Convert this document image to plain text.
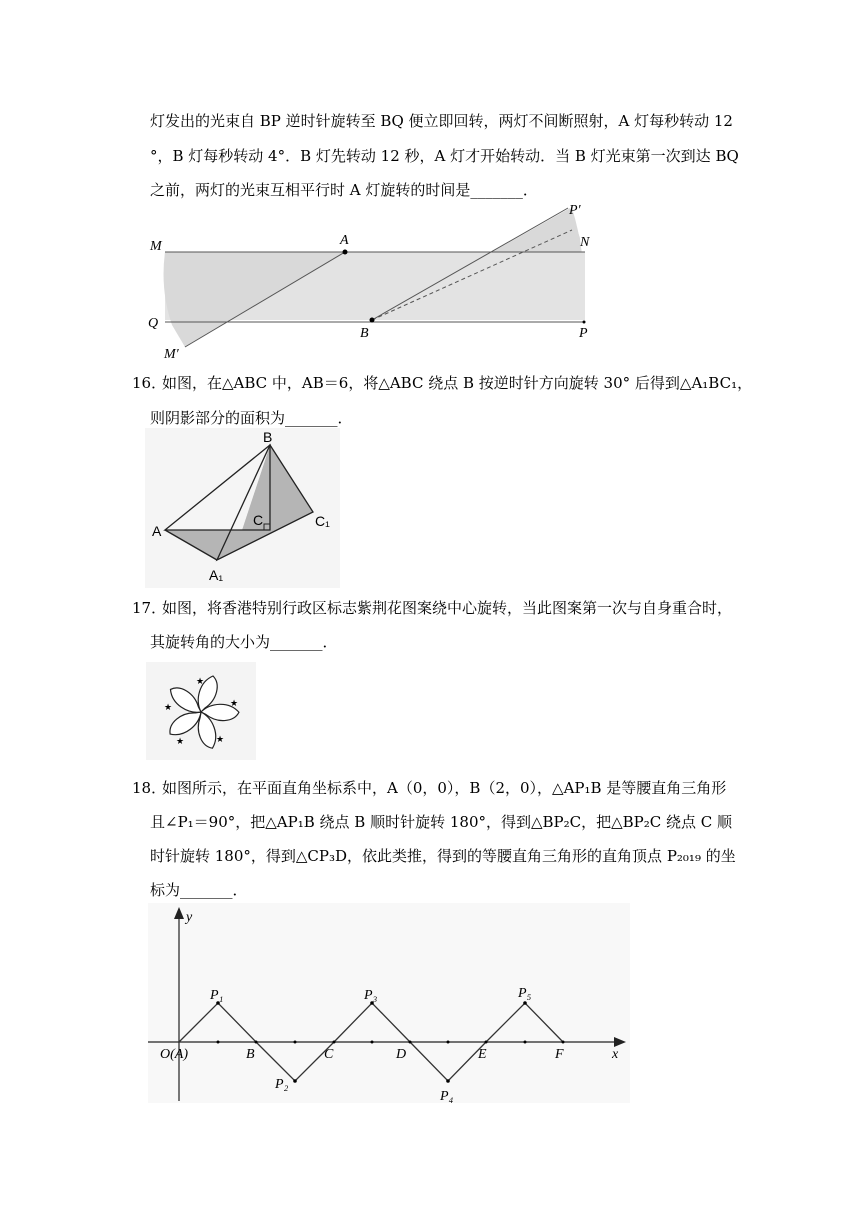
灯发出的光束自 BP 逆时针旋转至 BQ 便立即回转，两灯不间断照射，A 灯每秒转动 12
°，B 灯每秒转动 4°．B 灯先转动 12 秒，A 灯才开始转动．当 B 灯光束第一次到达 BQ
之前，两灯的光束互相平行时 A 灯旋转的时间是_______．
M	A	N
P′
Q
B	P
M′
16．
如图，在△ABC 中，AB＝6，将△ABC 绕点 B 按逆时针方向旋转 30° 后得到△A₁BC₁，
则阴影部分的面积为_______．
B
A
C	C₁
A₁
17．
如图，将香港特别行政区标志紫荆花图案绕中心旋转，当此图案第一次与自身重合时，
其旋转角的大小为_______．
★
★
★
★
★
18．
如图所示，在平面直角坐标系中，A（0，0），B（2，0），△AP₁B 是等腰直角三角形
且∠P₁＝90°，把△AP₁B 绕点 B 顺时针旋转 180°，得到△BP₂C，把△BP₂C 绕点 C 顺
时针旋转 180°，得到△CP₃D，依此类推，得到的等腰直角三角形的直角顶点 P₂₀₁₉ 的坐
标为_______．
y
x
O(A)	B	C	D	E	F
P₁
P₂
P₃
P₄
P₅
